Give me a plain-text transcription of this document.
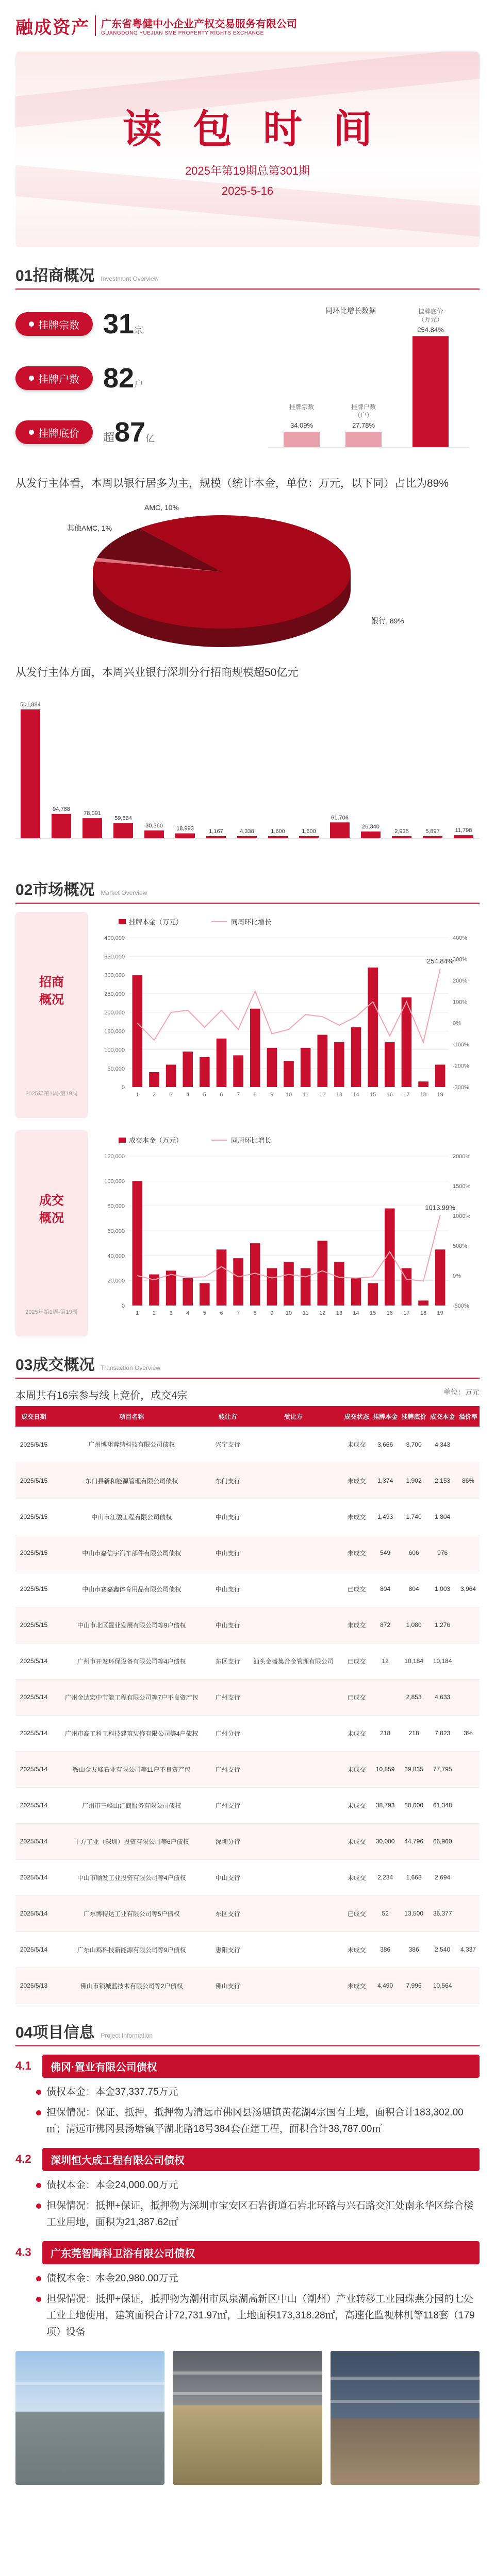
融成资产 广东省粤健中小企业产权交易服务有限公司
GUANGDONG YUEJIAN SME PROPERTY RIGHTS EXCHANGE
读包时间
2025年第19期总第301期
2025-5-16
01招商概况 Investment Overview
挂牌宗数 31宗
挂牌户数 82户
挂牌底价 超87亿
同环比增长数据
34.09%
挂牌宗数
27.78%
挂牌户数
（户）
254.84%
挂牌底价
（万元）

从发行主体看，本周以银行居多为主，规模（统计本金，单位：万元，以下同）占比为89%

银行, 89%
其他AMC, 1%
AMC, 10%

从发行主体方面，本周兴业银行深圳分行招商规模超50亿元

501,884
94,768
78,091
59,564
30,360 18,993	1,167	4,338	1,600	1,600
61,706
26,340
2,935	5,897	11,798
02市场概况 Market Overview
招商
概况
2025年第1周-第19周
挂牌本金（万元）	同周环比增长
0
50,000
100,000
150,000
200,000
250,000
300,000
350,000
400,000
-300%
-200%
-100%
0%
100%
200%
300%
400%
1 2 3 4 5 6 7 8 9 10 11 12 13 14 15 16 17 18 19
254.84%
成交
概况
2025年第1周-第19周
成交本金（万元）	同周环比增长
0
20,000
40,000
60,000
80,000
100,000
120,000
-500%
0%
500%
1000%
1500%
2000%
1 2 3 4 5 6 7 8 9 10 11 12 13 14 15 16 17 18 19
1013.99%
03成交概况 Transaction Overview
本周共有16宗参与线上竞价，成交4宗	单位：万元
成交日期	项目名称	转让方	受让方	成交状态	挂牌本金	挂牌底价	成交本金	溢价率
2025/5/15	广州博翔蓉纳科技有限公司债权	兴宁支行		未成交	3,666	3,700	4,343	
2025/5/15	东门县新和能源管理有限公司债权	东门支行		未成交	1,374	1,902	2,153	86%
2025/5/15	中山市江骏工程有限公司债权	中山支行		未成交	1,493	1,740	1,804	
2025/5/15	中山市嘉信宇汽车部件有限公司债权	中山支行		未成交	549	606	976	
2025/5/15	中山市赛嘉鑫体育用品有限公司债权	中山支行		已成交	804	804	1,003	3,964
2025/5/15	中山市北区置业发展有限公司等9户债权	中山支行		未成交	872	1,080	1,276	
2025/5/14	广州市开发环保设备有限公司等4户债权	东区支行	汕头金盛集合金管理有限公司	已成交	12	10,184	10,184	
2025/5/14	广州金达宏中节能工程有限公司等7户不良资产包	广州支行		已成交		2,853	4,633	
2025/5/14	广州市高工科工科技建筑装修有限公司等4户债权	广州分行		未成交	218	218	7,823	3%
2025/5/14	鞍山金友峰石业有限公司等11户不良资产包	广州支行		未成交	10,859	39,835	77,795	
2025/5/14	广州市三峰山汇商服务有限公司债权	广州支行		未成交	38,793	30,000	61,348	
2025/5/14	十方工业（深圳）投资有限公司等6户债权	深圳分行		未成交	30,000	44,796	66,960	
2025/5/14	中山市顺发工业投资有限公司等4户债权	中山支行		未成交	2,234	1,668	2,694	
2025/5/14	广东博特达工业有限公司等5户债权	东区支行		已成交	52	13,500	36,377	
2025/5/14	广东山鸡科技新能源有限公司等9户债权	惠阳支行		未成交	386	386	2,540	4,337
2025/5/13	佛山市锁城蓝技术有限公司等2户债权	佛山支行		未成交	4,490	7,996	10,564	
04项目信息 Project Information
4.1	佛冈·置业有限公司债权
债权本金：本金37,337.75万元
担保情况：保证、抵押，抵押物为清远市佛冈县汤塘镇黄花湖4宗国有土地，面积合计183,302.00㎡；清远市佛冈县汤塘镇平湖北路18号384套在建工程，面积合计38,787.00㎡
4.2	深圳恒大成工程有限公司债权
债权本金：本金24,000.00万元
担保情况：抵押+保证，抵押物为深圳市宝安区石岩街道石岩北环路与兴石路交汇处南永华区综合楼工业用地，面积为21,387.62㎡
4.3	广东莞智陶科卫浴有限公司债权
债权本金：本金20,980.00万元
担保情况：抵押+保证，抵押物为潮州市凤泉湖高新区中山（潮州）产业转移工业园珠燕分园的七处工业土地使用，建筑面积合计72,731.97㎡，土地面积173,318.28㎡，高速化监视林机等118套（179项）设备
